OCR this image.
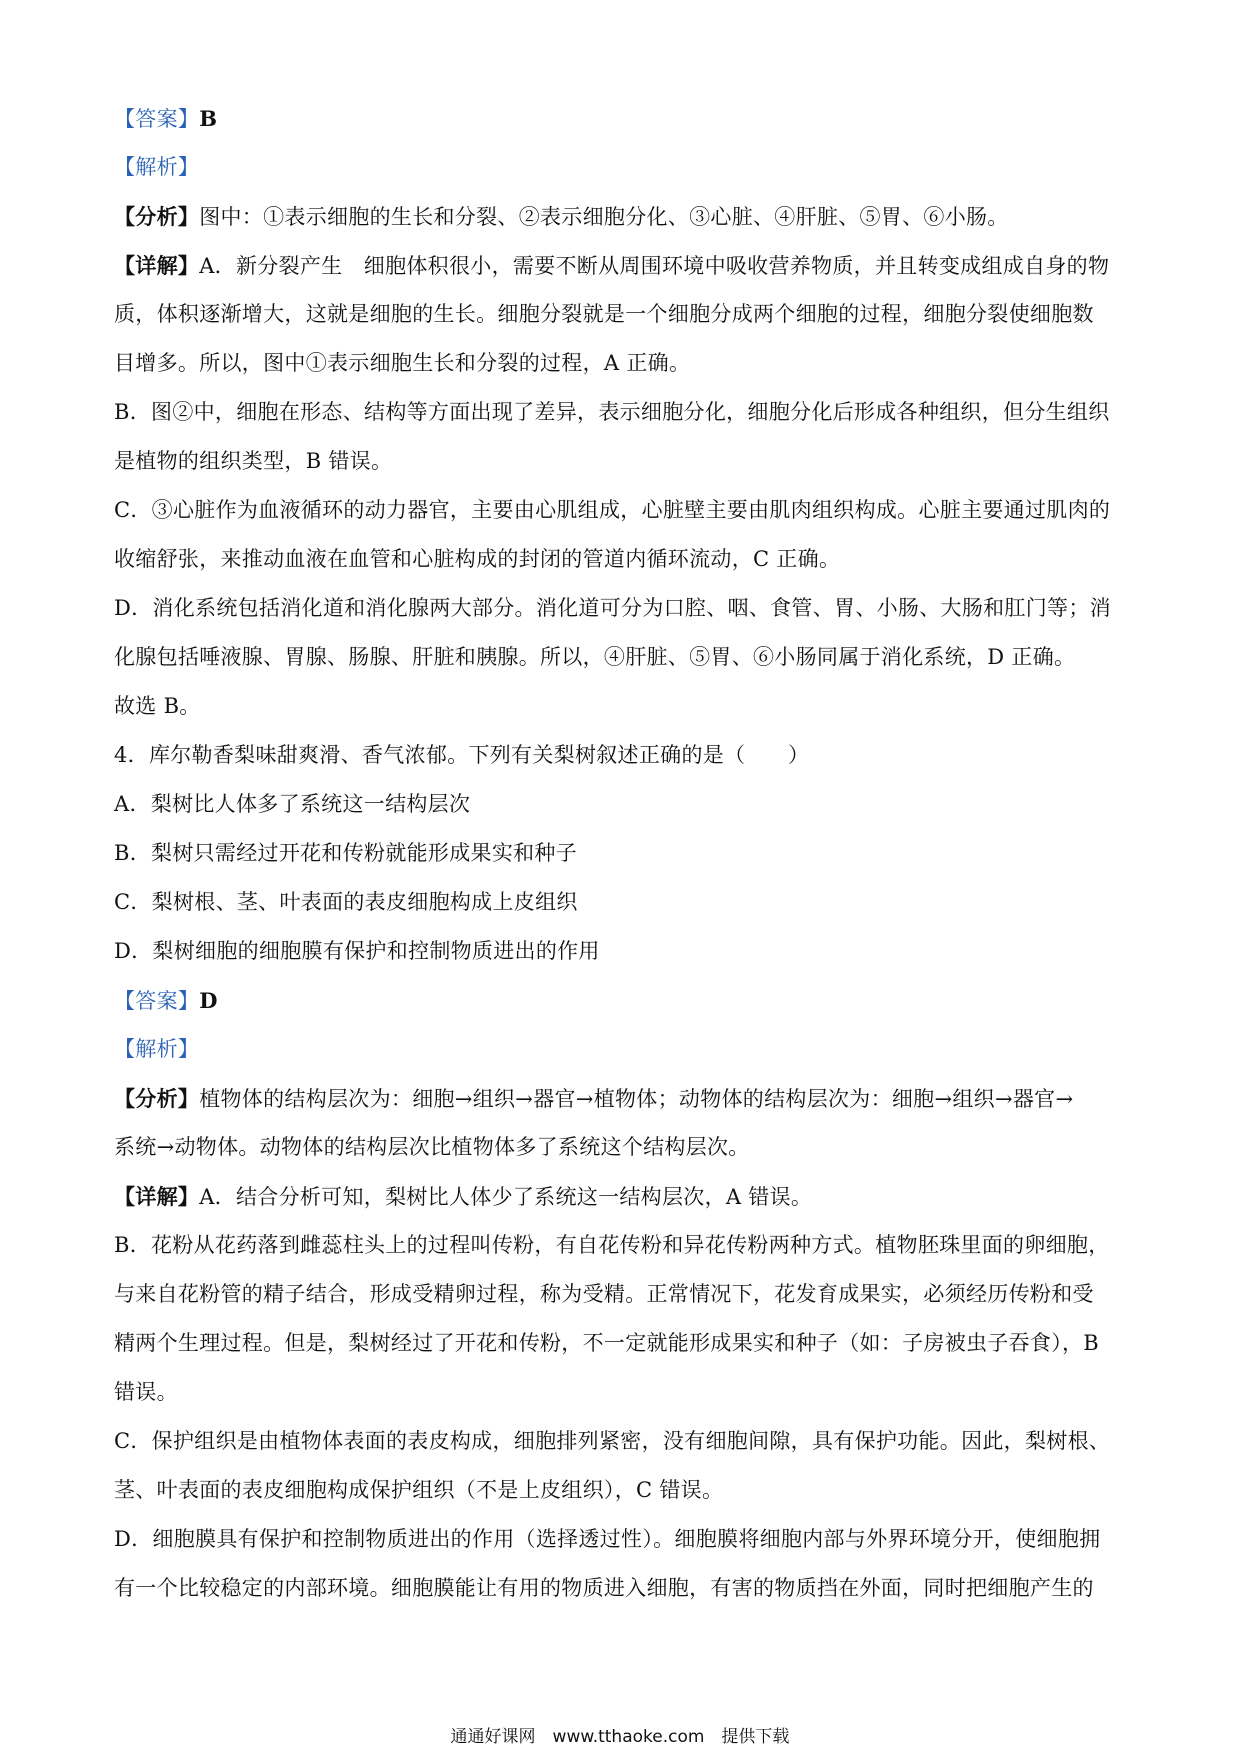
【答案】B
【解析】
【分析】图中：①表示细胞的生长和分裂、②表示细胞分化、③心脏、④肝脏、⑤胃、⑥小肠。
【详解】A．新分裂产生　细胞体积很小，需要不断从周围环境中吸收营养物质，并且转变成组成自身的物
质，体积逐渐增大，这就是细胞的生长。细胞分裂就是一个细胞分成两个细胞的过程，细胞分裂使细胞数
目增多。所以，图中①表示细胞生长和分裂的过程，A 正确。
B．图②中，细胞在形态、结构等方面出现了差异，表示细胞分化，细胞分化后形成各种组织，但分生组织
是植物的组织类型，B 错误。
C．③心脏作为血液循环的动力器官，主要由心肌组成，心脏壁主要由肌肉组织构成。心脏主要通过肌肉的
收缩舒张，来推动血液在血管和心脏构成的封闭的管道内循环流动，C 正确。
D．消化系统包括消化道和消化腺两大部分。消化道可分为口腔、咽、食管、胃、小肠、大肠和肛门等；消
化腺包括唾液腺、胃腺、肠腺、肝脏和胰腺。所以，④肝脏、⑤胃、⑥小肠同属于消化系统，D 正确。
故选 B。
4．库尔勒香梨味甜爽滑、香气浓郁。下列有关梨树叙述正确的是（　　）
A．梨树比人体多了系统这一结构层次
B．梨树只需经过开花和传粉就能形成果实和种子
C．梨树根、茎、叶表面的表皮细胞构成上皮组织
D．梨树细胞的细胞膜有保护和控制物质进出的作用
【答案】D
【解析】
【分析】植物体的结构层次为：细胞→组织→器官→植物体；动物体的结构层次为：细胞→组织→器官→
系统→动物体。动物体的结构层次比植物体多了系统这个结构层次。
【详解】A．结合分析可知，梨树比人体少了系统这一结构层次，A 错误。
B．花粉从花药落到雌蕊柱头上的过程叫传粉，有自花传粉和异花传粉两种方式。植物胚珠里面的卵细胞，
与来自花粉管的精子结合，形成受精卵过程，称为受精。正常情况下，花发育成果实，必须经历传粉和受
精两个生理过程。但是，梨树经过了开花和传粉，不一定就能形成果实和种子（如：子房被虫子吞食），B
错误。
C．保护组织是由植物体表面的表皮构成，细胞排列紧密，没有细胞间隙，具有保护功能。因此，梨树根、
茎、叶表面的表皮细胞构成保护组织（不是上皮组织），C 错误。
D．细胞膜具有保护和控制物质进出的作用（选择透过性）。细胞膜将细胞内部与外界环境分开，使细胞拥
有一个比较稳定的内部环境。细胞膜能让有用的物质进入细胞，有害的物质挡在外面，同时把细胞产生的
通通好课网　www.tthaoke.com　提供下载
